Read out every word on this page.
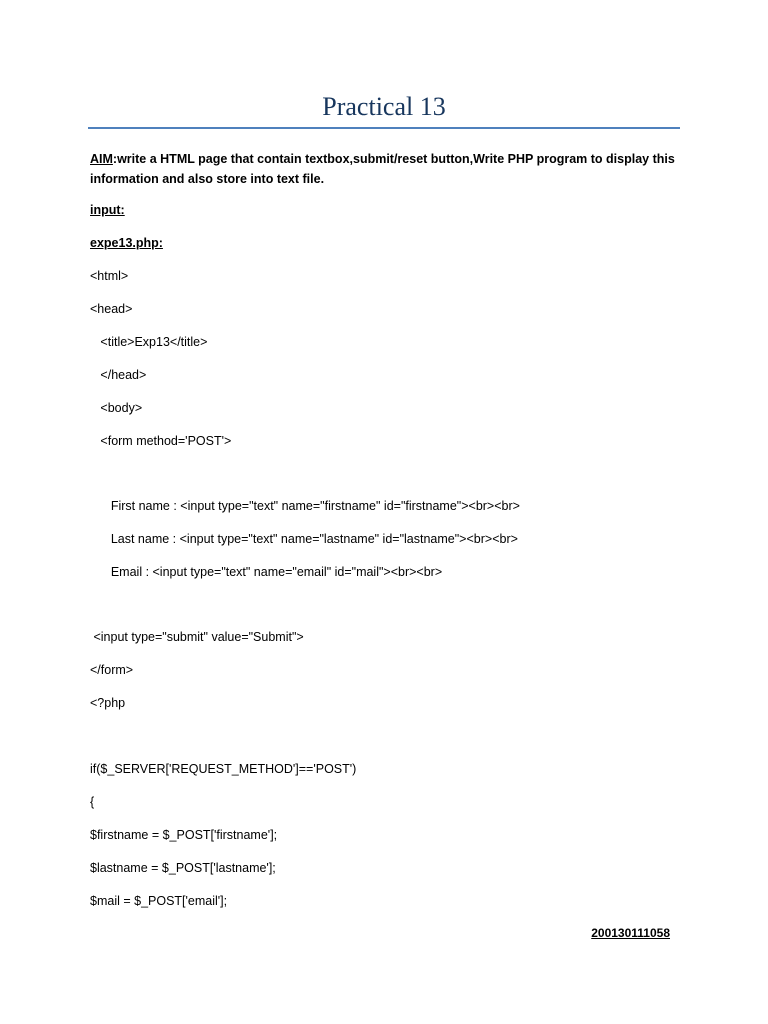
Practical 13
AIM:write a HTML page that contain textbox,submit/reset button,Write PHP program to display this information and also store into text file.
input:
expe13.php:
<html>
<head>
<title>Exp13</title>
</head>
<body>
<form method='POST'>
First name : <input type="text" name="firstname" id="firstname"><br><br>
Last name : <input type="text" name="lastname" id="lastname"><br><br>
Email : <input type="text" name="email" id="mail"><br><br>
<input type="submit" value="Submit">
</form>
<?php
if($_SERVER['REQUEST_METHOD']=='POST')
{
$firstname = $_POST['firstname'];
$lastname = $_POST['lastname'];
$mail = $_POST['email'];
200130111058
